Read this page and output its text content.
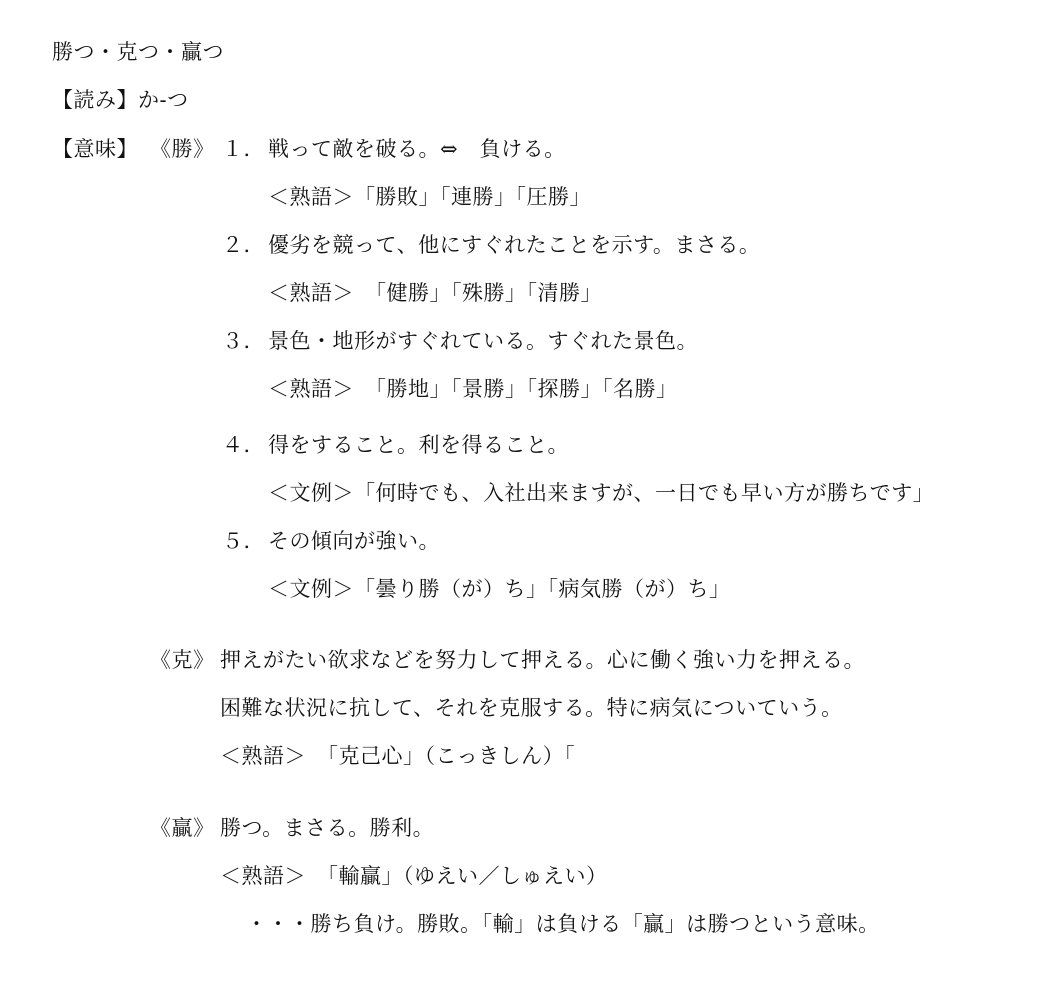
勝つ・克つ・贏つ
【読み】か‐つ
【意味】 《勝》 １． 戦って敵を破る。⇔　負ける。
＜熟語＞「勝敗」「連勝」「圧勝」
２． 優劣を競って、他にすぐれたことを示す。まさる。
＜熟語＞　「健勝」「殊勝」「清勝」
３． 景色・地形がすぐれている。すぐれた景色。
＜熟語＞　「勝地」「景勝」「探勝」「名勝」
４． 得をすること。利を得ること。
＜文例＞「何時でも、入社出来ますが、一日でも早い方が勝ちです」
５． その傾向が強い。
＜文例＞「曇り勝（が）ち」「病気勝（が）ち」
《克》 押えがたい欲求などを努力して押える。心に働く強い力を押える。
困難な状況に抗して、それを克服する。特に病気についていう。
＜熟語＞　「克己心」（こっきしん）「
《贏》 勝つ。まさる。勝利。
＜熟語＞　「輸贏」（ゆえい／しゅえい）
・・・勝ち負け。勝敗。「輸」は負ける「贏」は勝つという意味。
